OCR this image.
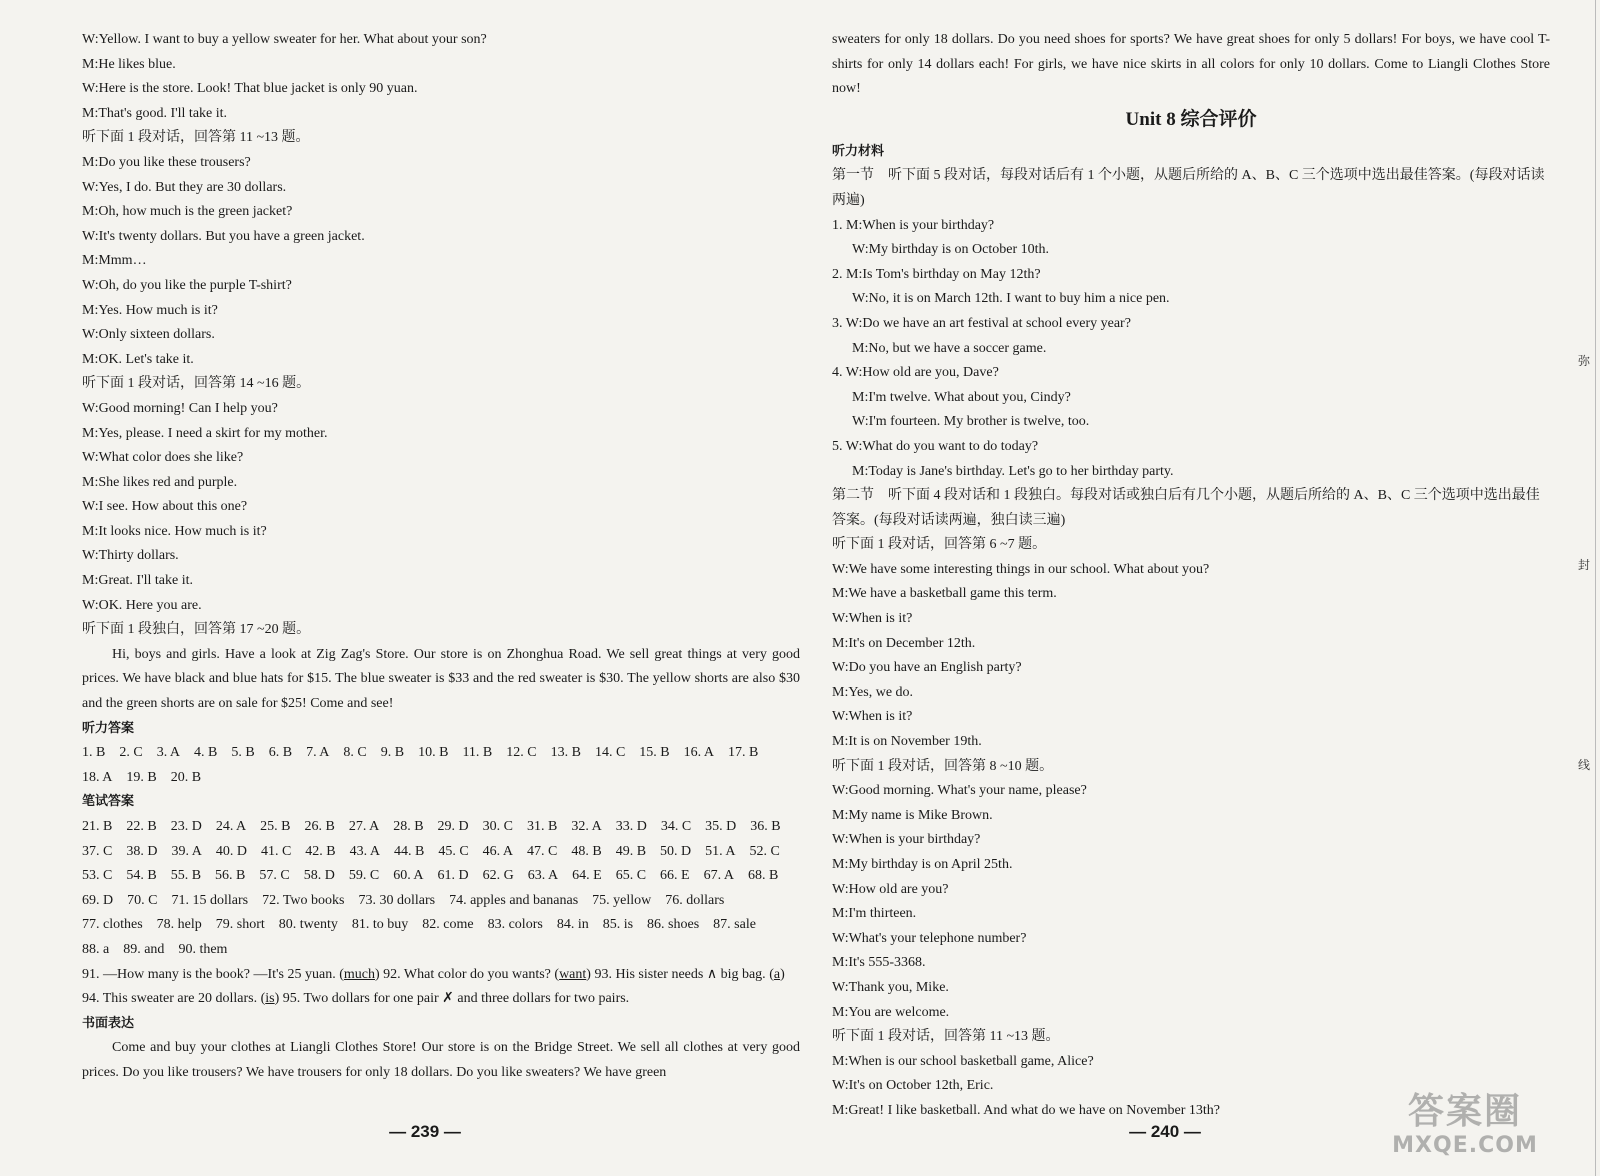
W:Yellow. I want to buy a yellow sweater for her. What about your son?
M:He likes blue.
W:Here is the store. Look! That blue jacket is only 90 yuan.
M:That's good. I'll take it.
听下面 1 段对话，回答第 11 ~13 题。
M:Do you like these trousers?
W:Yes, I do. But they are 30 dollars.
M:Oh, how much is the green jacket?
W:It's twenty dollars. But you have a green jacket.
M:Mmm…
W:Oh, do you like the purple T-shirt?
M:Yes. How much is it?
W:Only sixteen dollars.
M:OK. Let's take it.
听下面 1 段对话，回答第 14 ~16 题。
W:Good morning! Can I help you?
M:Yes, please. I need a skirt for my mother.
W:What color does she like?
M:She likes red and purple.
W:I see. How about this one?
M:It looks nice. How much is it?
W:Thirty dollars.
M:Great. I'll take it.
W:OK. Here you are.
听下面 1 段独白，回答第 17 ~20 题。
Hi, boys and girls. Have a look at Zig Zag's Store. Our store is on Zhonghua Road. We sell great things at very good prices. We have black and blue hats for $15. The blue sweater is $33 and the red sweater is $30. The yellow shorts are also $30 and the green shorts are on sale for $25! Come and see!
听力答案
1. B 2. C 3. A 4. B 5. B 6. B 7. A 8. C 9. B 10. B 11. B 12. C 13. B 14. C 15. B 16. A 17. B18. A 19. B 20. B
笔试答案
21. B 22. B 23. D 24. A 25. B 26. B 27. A 28. B 29. D 30. C 31. B 32. A 33. D 34. C 35. D 36. B37. C 38. D 39. A 40. D 41. C 42. B 43. A 44. B 45. C 46. A 47. C 48. B 49. B 50. D 51. A 52. C53. C 54. B 55. B 56. B 57. C 58. D 59. C 60. A 61. D 62. G 63. A 64. E 65. C 66. E 67. A 68. B69. D 70. C 71. 15 dollars 72. Two books 73. 30 dollars 74. apples and bananas 75. yellow 76. dollars77. clothes 78. help 79. short 80. twenty 81. to buy 82. come 83. colors 84. in 85. is 86. shoes 87. sale88. a 89. and 90. them
91. —How many is the book? —It's 25 yuan. (much) 92. What color do you wants? (want) 93. His sister needs ∧ big bag. (a) 94. This sweater are 20 dollars. (is) 95. Two dollars for one pair ✗ and three dollars for two pairs.
书面表达
Come and buy your clothes at Liangli Clothes Store! Our store is on the Bridge Street. We sell all clothes at very good prices. Do you like trousers? We have trousers for only 18 dollars. Do you like sweaters? We have green
— 239 —
sweaters for only 18 dollars. Do you need shoes for sports? We have great shoes for only 5 dollars! For boys, we have cool T-shirts for only 14 dollars each! For girls, we have nice skirts in all colors for only 10 dollars. Come to Liangli Clothes Store now!
Unit 8 综合评价
听力材料
第一节　听下面 5 段对话，每段对话后有 1 个小题，从题后所给的 A、B、C 三个选项中选出最佳答案。(每段对话读两遍)
1. M:When is your birthday?
W:My birthday is on October 10th.
2. M:Is Tom's birthday on May 12th?
W:No, it is on March 12th. I want to buy him a nice pen.
3. W:Do we have an art festival at school every year?
M:No, but we have a soccer game.
4. W:How old are you, Dave?
M:I'm twelve. What about you, Cindy?
W:I'm fourteen. My brother is twelve, too.
5. W:What do you want to do today?
M:Today is Jane's birthday. Let's go to her birthday party.
第二节　听下面 4 段对话和 1 段独白。每段对话或独白后有几个小题，从题后所给的 A、B、C 三个选项中选出最佳答案。(每段对话读两遍，独白读三遍)
听下面 1 段对话，回答第 6 ~7 题。
W:We have some interesting things in our school. What about you?
M:We have a basketball game this term.
W:When is it?
M:It's on December 12th.
W:Do you have an English party?
M:Yes, we do.
W:When is it?
M:It is on November 19th.
听下面 1 段对话，回答第 8 ~10 题。
W:Good morning. What's your name, please?
M:My name is Mike Brown.
W:When is your birthday?
M:My birthday is on April 25th.
W:How old are you?
M:I'm thirteen.
W:What's your telephone number?
M:It's 555-3368.
W:Thank you, Mike.
M:You are welcome.
听下面 1 段对话，回答第 11 ~13 题。
M:When is our school basketball game, Alice?
W:It's on October 12th, Eric.
M:Great! I like basketball. And what do we have on November 13th?
弥
封
线
— 240 —	答案圈
MXQE.COM
